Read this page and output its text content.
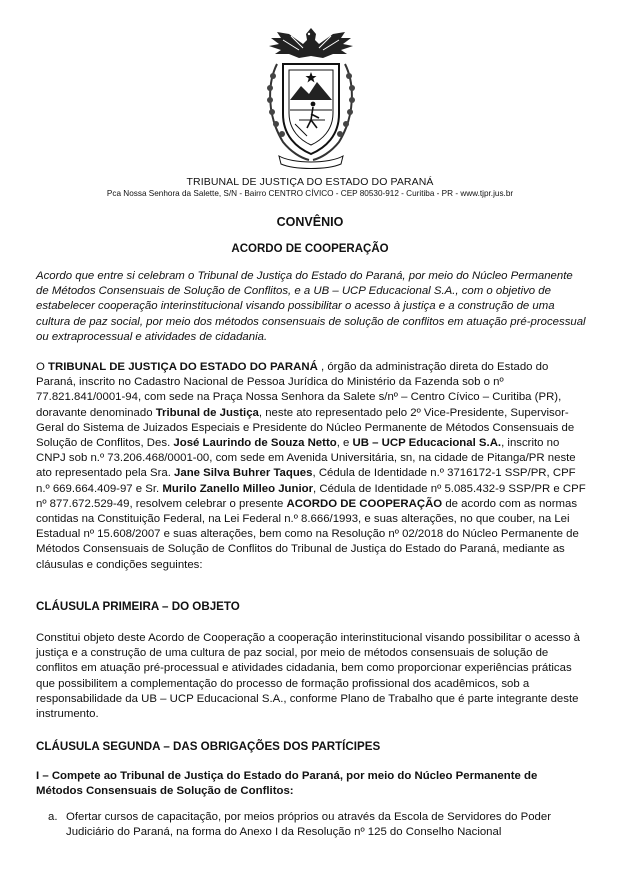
TRIBUNAL DE JUSTIÇA DO ESTADO DO PARANÁ
Pca Nossa Senhora da Salette, S/N - Bairro CENTRO CÍVICO - CEP 80530-912 - Curitiba - PR - www.tjpr.jus.br
CONVÊNIO
ACORDO DE COOPERAÇÃO

Acordo que entre si celebram o Tribunal de Justiça do Estado do Paraná, por meio do Núcleo Permanente de Métodos Consensuais de Solução de Conflitos, e a UB – UCP Educacional S.A., com o objetivo de estabelecer cooperação interinstitucional visando possibilitar o acesso à justiça e a construção de uma cultura de paz social, por meio dos métodos consensuais de solução de conflitos em atuação pré-processual ou extraprocessual e atividades de cidadania.

O TRIBUNAL DE JUSTIÇA DO ESTADO DO PARANÁ , órgão da administração direta do Estado do Paraná, inscrito no Cadastro Nacional de Pessoa Jurídica do Ministério da Fazenda sob o nº 77.821.841/0001-94, com sede na Praça Nossa Senhora da Salete s/nº – Centro Cívico – Curitiba (PR), doravante denominado Tribunal de Justiça, neste ato representado pelo 2º Vice-Presidente, Supervisor-Geral do Sistema de Juizados Especiais e Presidente do Núcleo Permanente de Métodos Consensuais de Solução de Conflitos, Des. José Laurindo de Souza Netto, e UB – UCP Educacional S.A., inscrito no CNPJ sob n.º 73.206.468/0001-00, com sede em Avenida Universitária, sn, na cidade de Pitanga/PR neste ato representado pela Sra. Jane Silva Buhrer Taques, Cédula de Identidade n.º 3716172-1 SSP/PR, CPF n.º 669.664.409-97 e Sr. Murilo Zanello Milleo Junior, Cédula de Identidade nº 5.085.432-9 SSP/PR e CPF nº 877.672.529-49, resolvem celebrar o presente ACORDO DE COOPERAÇÃO de acordo com as normas contidas na Constituição Federal, na Lei Federal n.º 8.666/1993, e suas alterações, no que couber, na Lei Estadual nº 15.608/2007 e suas alterações, bem como na Resolução nº 02/2018 do Núcleo Permanente de Métodos Consensuais de Solução de Conflitos do Tribunal de Justiça do Estado do Paraná, mediante as cláusulas e condições seguintes:

CLÁUSULA PRIMEIRA – DO OBJETO

Constitui objeto deste Acordo de Cooperação a cooperação interinstitucional visando possibilitar o acesso à justiça e a construção de uma cultura de paz social, por meio de métodos consensuais de solução de conflitos em atuação pré-processual e atividades cidadania, bem como proporcionar experiências práticas que possibilitem a complementação do processo de formação profissional dos acadêmicos, sob a responsabilidade da UB – UCP Educacional S.A., conforme Plano de Trabalho que é parte integrante deste instrumento.

CLÁUSULA SEGUNDA – DAS OBRIGAÇÕES DOS PARTÍCIPES

I – Compete ao Tribunal de Justiça do Estado do Paraná, por meio do Núcleo Permanente de Métodos Consensuais de Solução de Conflitos:

a. Ofertar cursos de capacitação, por meios próprios ou através da Escola de Servidores do Poder Judiciário do Paraná, na forma do Anexo I da Resolução nº 125 do Conselho Nacional
